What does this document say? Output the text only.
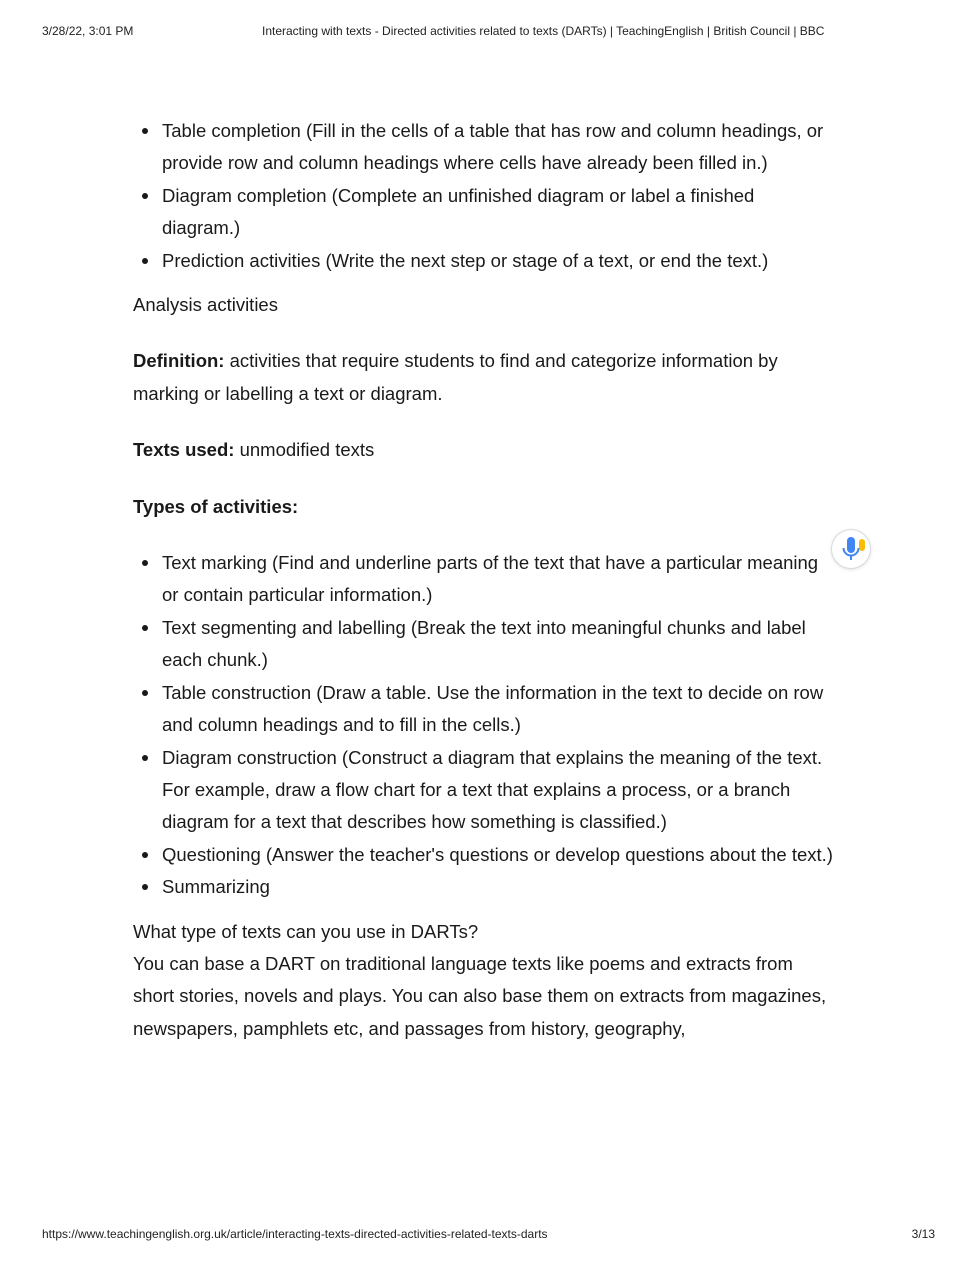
3/28/22, 3:01 PM	Interacting with texts - Directed activities related to texts (DARTs) | TeachingEnglish | British Council | BBC
Table completion (Fill in the cells of a table that has row and column headings, or provide row and column headings where cells have already been filled in.)
Diagram completion (Complete an unfinished diagram or label a finished diagram.)
Prediction activities (Write the next step or stage of a text, or end the text.)

Analysis activities

Definition: activities that require students to find and categorize information by marking or labelling a text or diagram.

Texts used: unmodified texts

Types of activities:

Text marking (Find and underline parts of the text that have a particular meaning or contain particular information.)
Text segmenting and labelling (Break the text into meaningful chunks and label each chunk.)
Table construction (Draw a table. Use the information in the text to decide on row and column headings and to fill in the cells.)
Diagram construction (Construct a diagram that explains the meaning of the text. For example, draw a flow chart for a text that explains a process, or a branch diagram for a text that describes how something is classified.)
Questioning (Answer the teacher's questions or develop questions about the text.)
Summarizing

What type of texts can you use in DARTs?

You can base a DART on traditional language texts like poems and extracts from short stories, novels and plays. You can also base them on extracts from magazines, newspapers, pamphlets etc, and passages from history, geography,

https://www.teachingenglish.org.uk/article/interacting-texts-directed-activities-related-texts-darts	3/13
